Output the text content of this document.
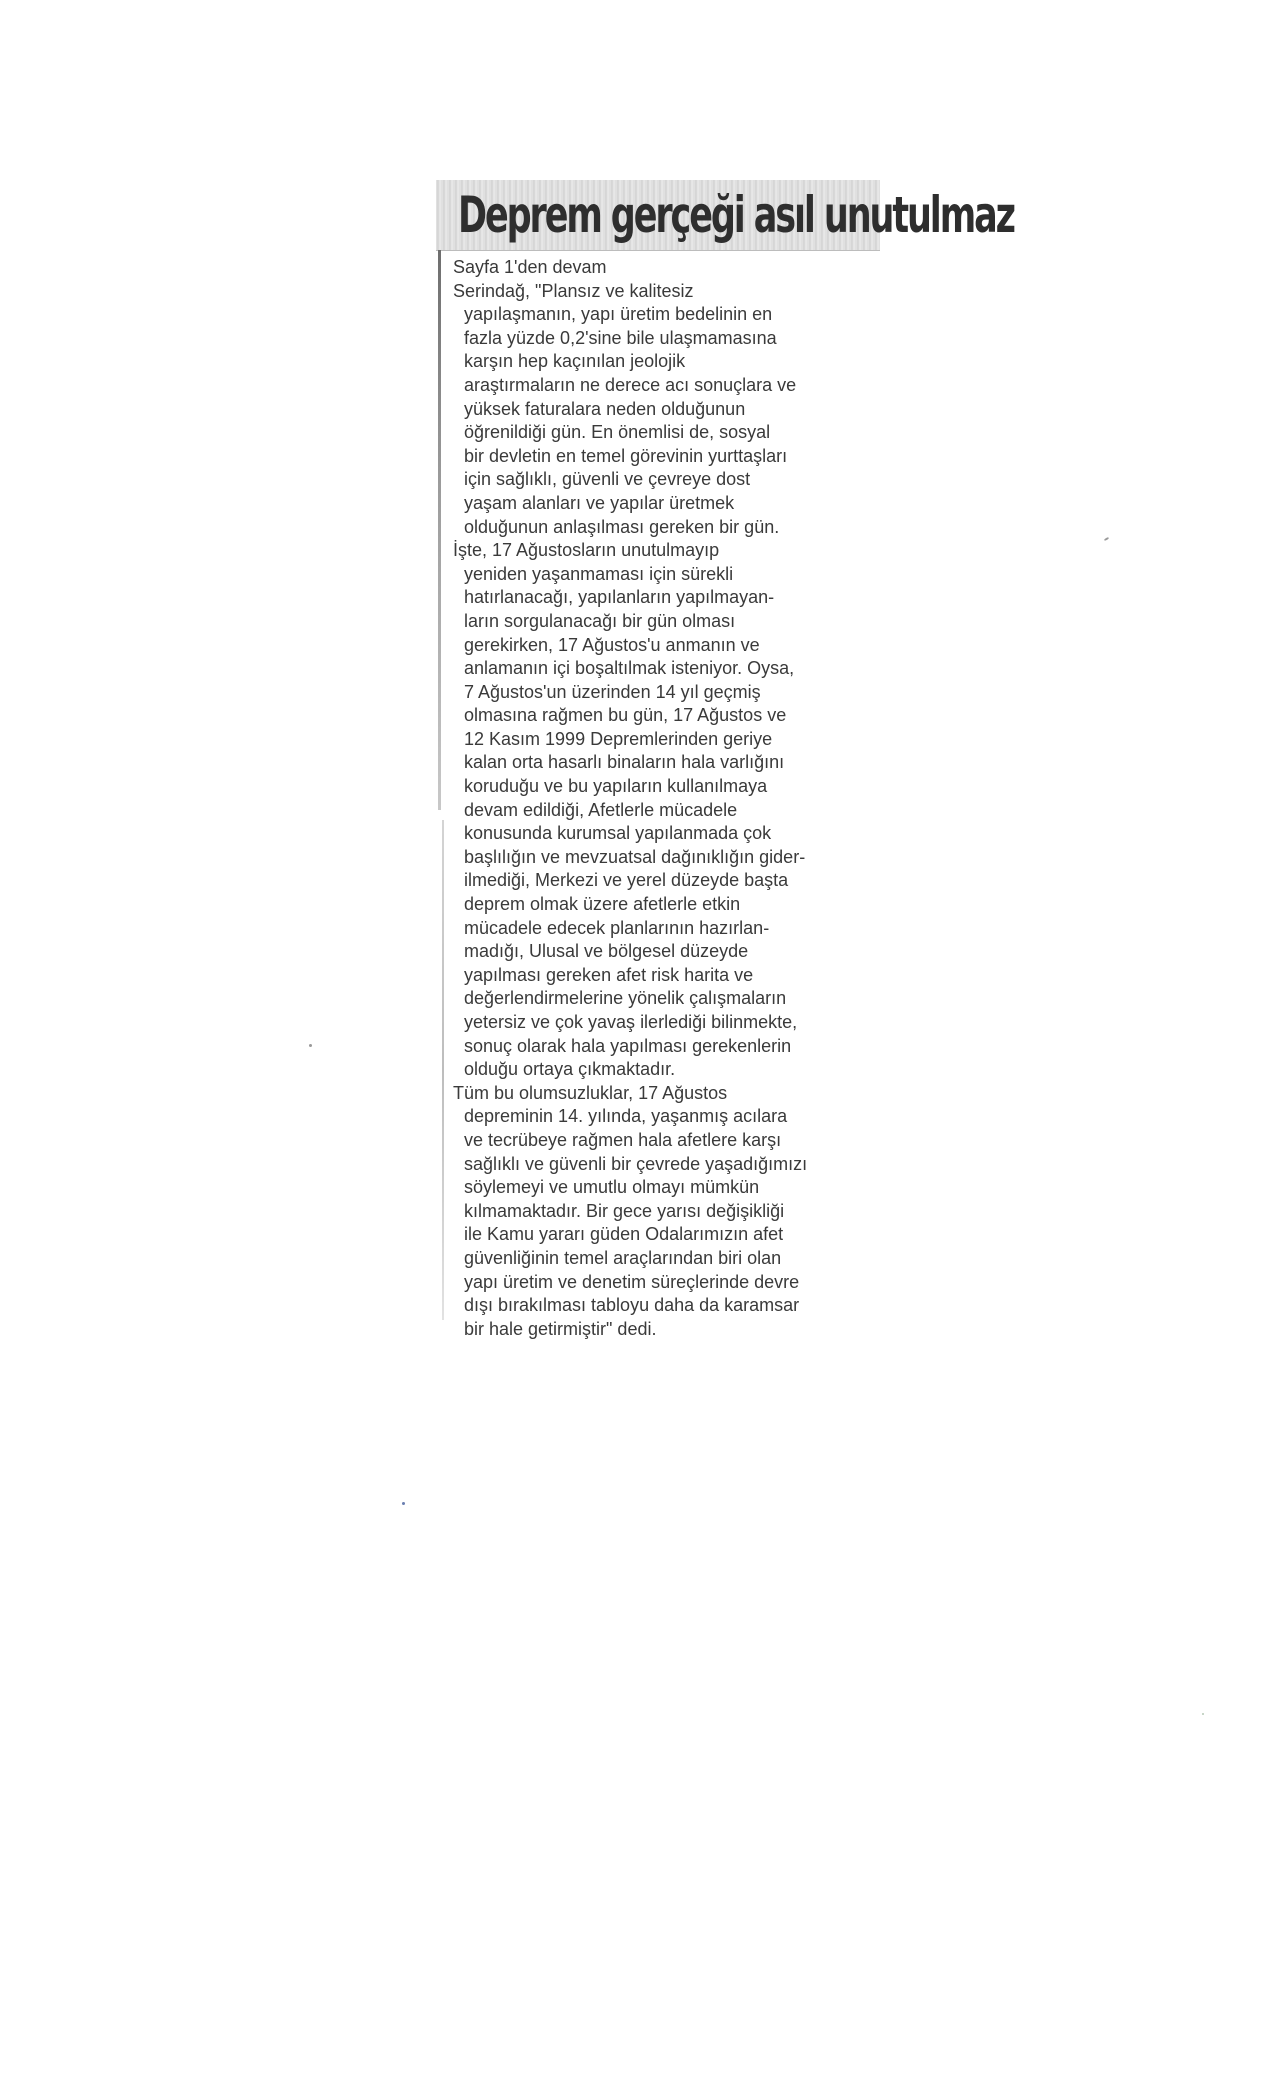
Deprem gerçeği asıl unutulmaz

Sayfa 1'den devam

Serindağ, "Plansız ve kalitesiz
yapılaşmanın, yapı üretim bedelinin en
fazla yüzde 0,2'sine bile ulaşmamasına
karşın hep kaçınılan jeolojik
araştırmaların ne derece acı sonuçlara ve
yüksek faturalara neden olduğunun
öğrenildiği gün. En önemlisi de, sosyal
bir devletin en temel görevinin yurttaşları
için sağlıklı, güvenli ve çevreye dost
yaşam alanları ve yapılar üretmek
olduğunun anlaşılması gereken bir gün.

İşte, 17 Ağustosların unutulmayıp
yeniden yaşanmaması için sürekli
hatırlanacağı, yapılanların yapılmayan-
ların sorgulanacağı bir gün olması
gerekirken, 17 Ağustos'u anmanın ve
anlamanın içi boşaltılmak isteniyor. Oysa,
7 Ağustos'un üzerinden 14 yıl geçmiş
olmasına rağmen bu gün, 17 Ağustos ve
12 Kasım 1999 Depremlerinden geriye
kalan orta hasarlı binaların hala varlığını
koruduğu ve bu yapıların kullanılmaya
devam edildiği, Afetlerle mücadele
konusunda kurumsal yapılanmada çok
başlılığın ve mevzuatsal dağınıklığın gider-
ilmediği, Merkezi ve yerel düzeyde başta
deprem olmak üzere afetlerle etkin
mücadele edecek planlarının hazırlan-
madığı, Ulusal ve bölgesel düzeyde
yapılması gereken afet risk harita ve
değerlendirmelerine yönelik çalışmaların
yetersiz ve çok yavaş ilerlediği bilinmekte,
sonuç olarak hala yapılması gerekenlerin
olduğu ortaya çıkmaktadır.

Tüm bu olumsuzluklar, 17 Ağustos
depreminin 14. yılında, yaşanmış acılara
ve tecrübeye rağmen hala afetlere karşı
sağlıklı ve güvenli bir çevrede yaşadığımızı
söylemeyi ve umutlu olmayı mümkün
kılmamaktadır. Bir gece yarısı değişikliği
ile Kamu yararı güden Odalarımızın afet
güvenliğinin temel araçlarından biri olan
yapı üretim ve denetim süreçlerinde devre
dışı bırakılması tabloyu daha da karamsar
bir hale getirmiştir" dedi.
